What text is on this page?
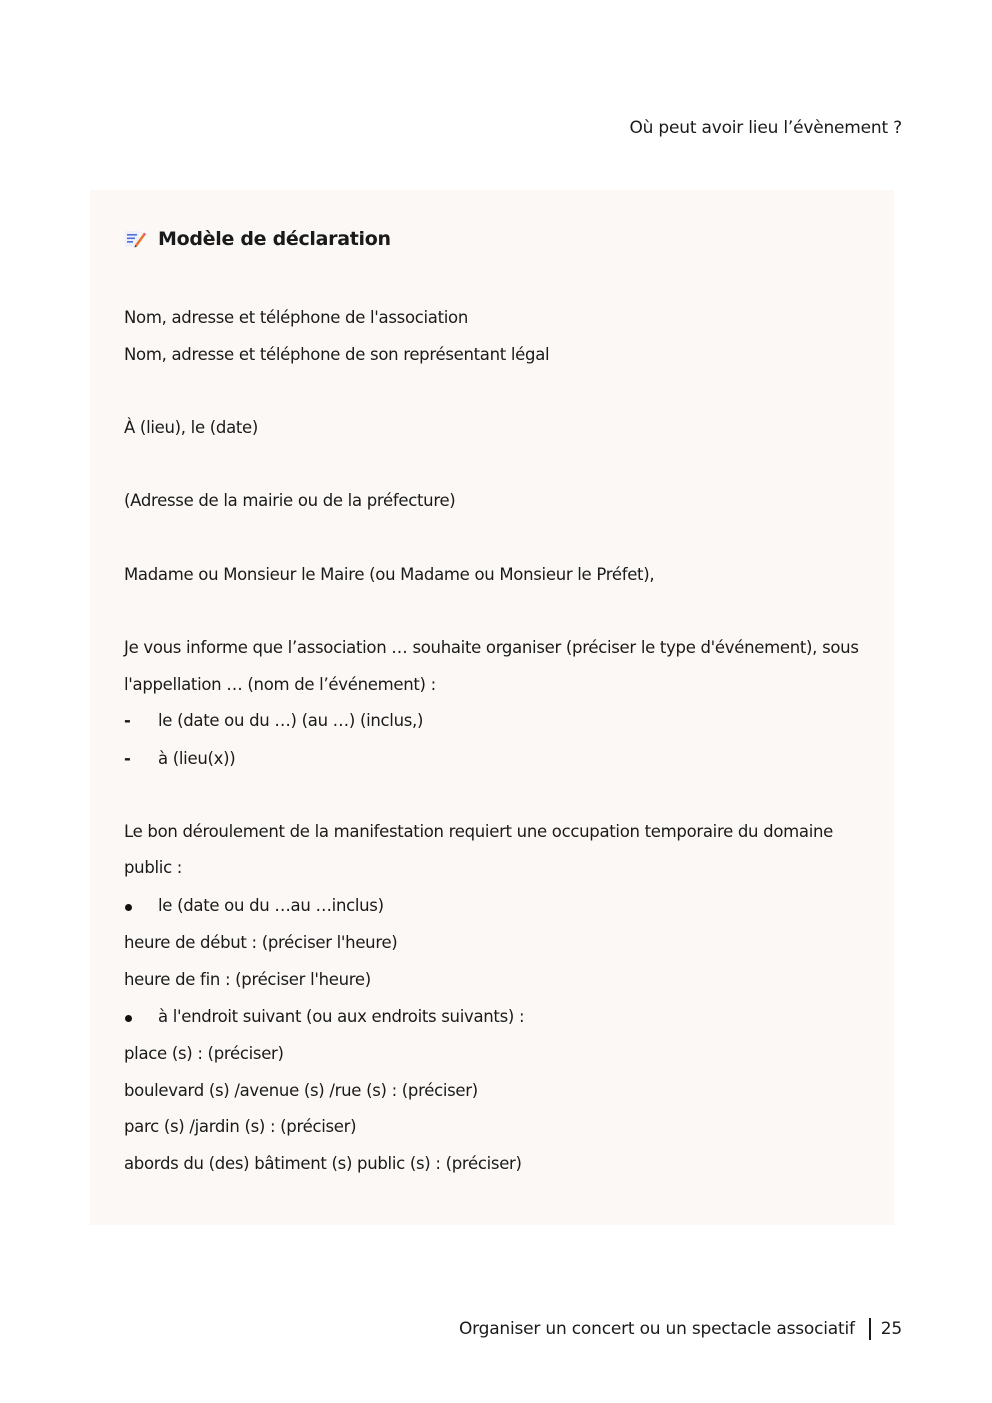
Où peut avoir lieu l’évènement ?
Modèle de déclaration
Nom, adresse et téléphone de l'association
Nom, adresse et téléphone de son représentant légal
À (lieu), le (date)
(Adresse de la mairie ou de la préfecture)
Madame ou Monsieur le Maire (ou Madame ou Monsieur le Préfet),
Je vous informe que l’association … souhaite organiser (préciser le type d'événement), sous
l'appellation … (nom de l’événement) :
- le (date ou du …) (au …) (inclus,)
- à (lieu(x))
Le bon déroulement de la manifestation requiert une occupation temporaire du domaine
public :
le (date ou du …au …inclus)
heure de début : (préciser l'heure)
heure de fin : (préciser l'heure)
à l'endroit suivant (ou aux endroits suivants) :
place (s) : (préciser)
boulevard (s) /avenue (s) /rue (s) : (préciser)
parc (s) /jardin (s) : (préciser)
abords du (des) bâtiment (s) public (s) : (préciser)
Organiser un concert ou un spectacle associatif 25
